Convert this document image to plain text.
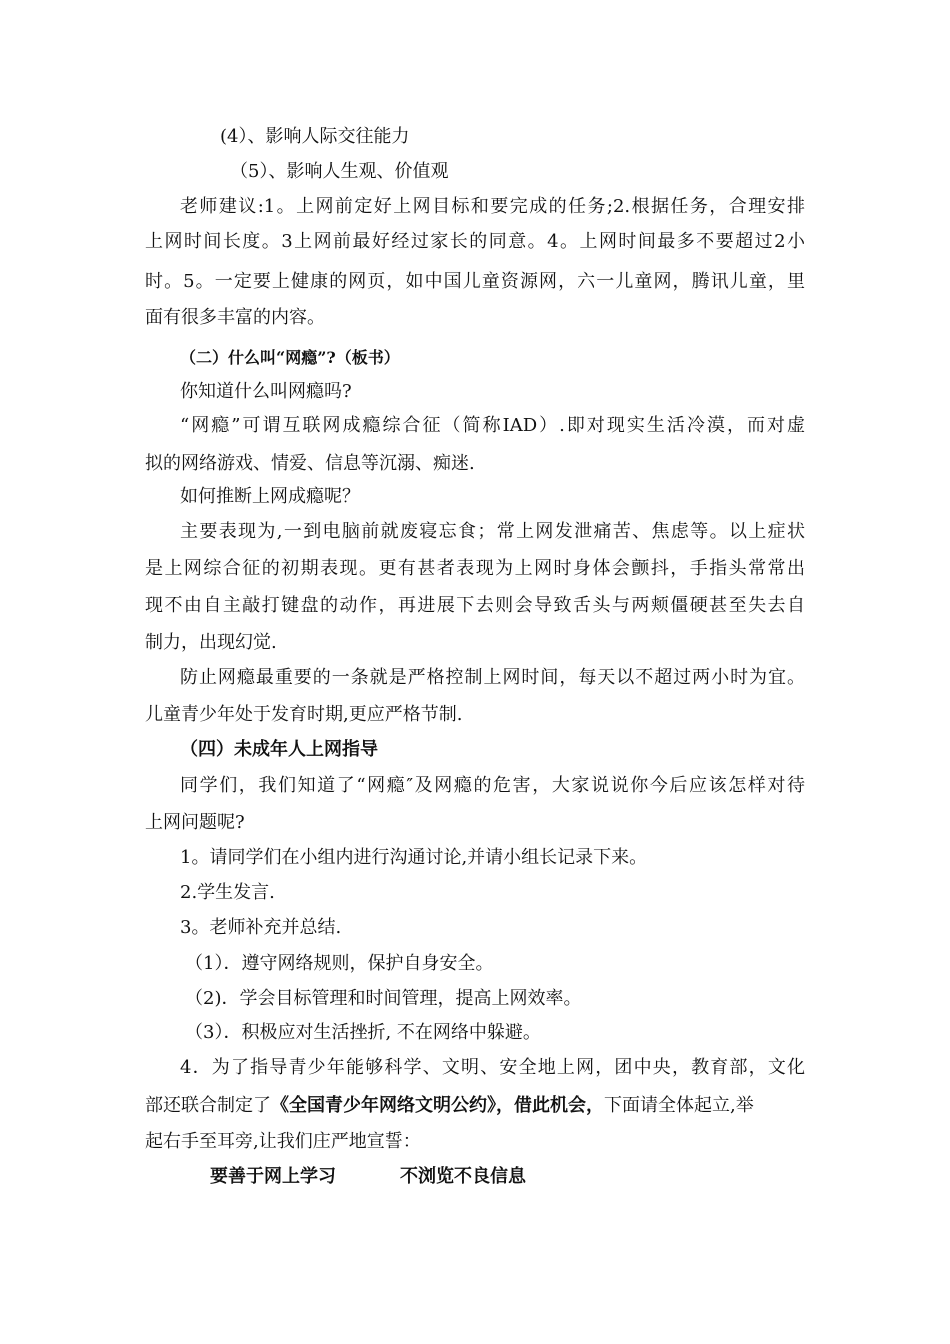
(4）、影响人际交往能力
（5）、影响人生观、价值观
老师建议:1。上网前定好上网目标和要完成的任务;2.根据任务，合理安排
上网时间长度。3上网前最好经过家长的同意。4。上网时间最多不要超过2小
时。5。一定要上健康的网页，如中国儿童资源网，六一儿童网，腾讯儿童，里
面有很多丰富的内容。
（二）什么叫“网瘾”?（板书）
你知道什么叫网瘾吗?
“网瘾”可谓互联网成瘾综合征（简称IAD）.即对现实生活冷漠，而对虚
拟的网络游戏、情爱、信息等沉溺、痴迷.
如何推断上网成瘾呢？
主要表现为,一到电脑前就废寝忘食；常上网发泄痛苦、焦虑等。以上症状
是上网综合征的初期表现。更有甚者表现为上网时身体会颤抖，手指头常常出
现不由自主敲打键盘的动作，再进展下去则会导致舌头与两颊僵硬甚至失去自
制力，出现幻觉.
防止网瘾最重要的一条就是严格控制上网时间，每天以不超过两小时为宜。
儿童青少年处于发育时期,更应严格节制.
（四）未成年人上网指导
同学们，我们知道了“网瘾″及网瘾的危害，大家说说你今后应该怎样对待
上网问题呢?
1。请同学们在小组内进行沟通讨论,并请小组长记录下来。
2.学生发言.
3。老师补充并总结.
（1）．遵守网络规则，保护自身安全。
（2)．学会目标管理和时间管理，提高上网效率。
（3）．积极应对生活挫折, 不在网络中躲避。
4．为了指导青少年能够科学、文明、安全地上网，团中央，教育部，文化
部还联合制定了《全国青少年网络文明公约》，借此机会，下面请全体起立,举
起右手至耳旁,让我们庄严地宣誓：
要善于网上学习	不浏览不良信息
